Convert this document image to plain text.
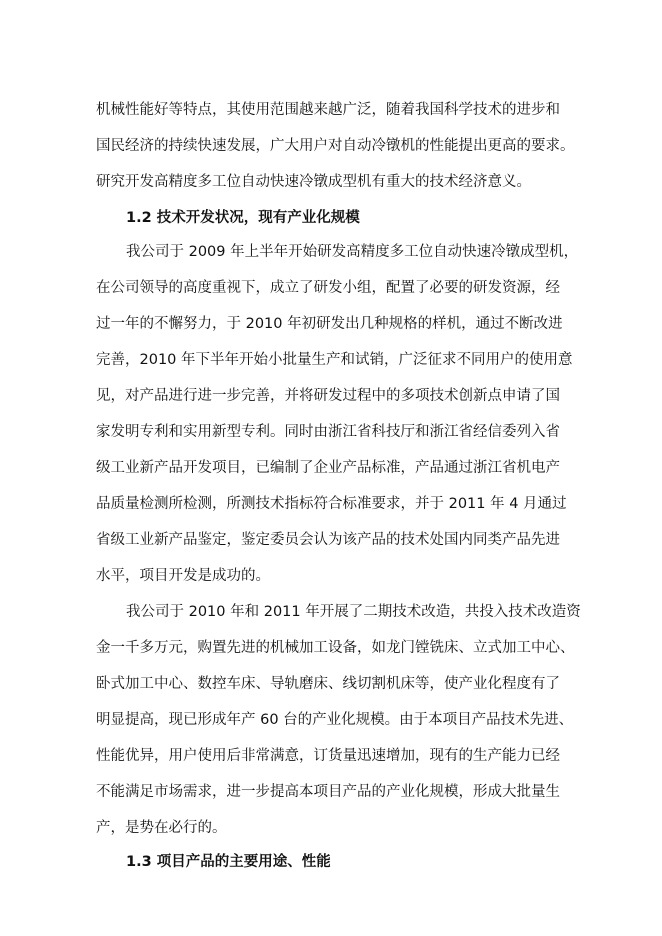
机械性能好等特点，其使用范围越来越广泛，随着我国科学技术的进步和

国民经济的持续快速发展，广大用户对自动冷镦机的性能提出更高的要求。

研究开发高精度多工位自动快速冷镦成型机有重大的技术经济意义。

1.2 技术开发状况，现有产业化规模

我公司于 2009 年上半年开始研发高精度多工位自动快速冷镦成型机，

在公司领导的高度重视下，成立了研发小组，配置了必要的研发资源，经

过一年的不懈努力，于 2010 年初研发出几种规格的样机，通过不断改进

完善，2010 年下半年开始小批量生产和试销，广泛征求不同用户的使用意

见，对产品进行进一步完善，并将研发过程中的多项技术创新点申请了国

家发明专利和实用新型专利。同时由浙江省科技厅和浙江省经信委列入省

级工业新产品开发项目，已编制了企业产品标准，产品通过浙江省机电产

品质量检测所检测，所测技术指标符合标准要求，并于 2011 年 4 月通过

省级工业新产品鉴定，鉴定委员会认为该产品的技术处国内同类产品先进

水平，项目开发是成功的。

我公司于 2010 年和 2011 年开展了二期技术改造，共投入技术改造资

金一千多万元，购置先进的机械加工设备，如龙门镗铣床、立式加工中心、

卧式加工中心、数控车床、导轨磨床、线切割机床等，使产业化程度有了

明显提高，现已形成年产 60 台的产业化规模。由于本项目产品技术先进、

性能优异，用户使用后非常满意，订货量迅速增加，现有的生产能力已经

不能满足市场需求，进一步提高本项目产品的产业化规模，形成大批量生

产，是势在必行的。

1.3 项目产品的主要用途、性能
